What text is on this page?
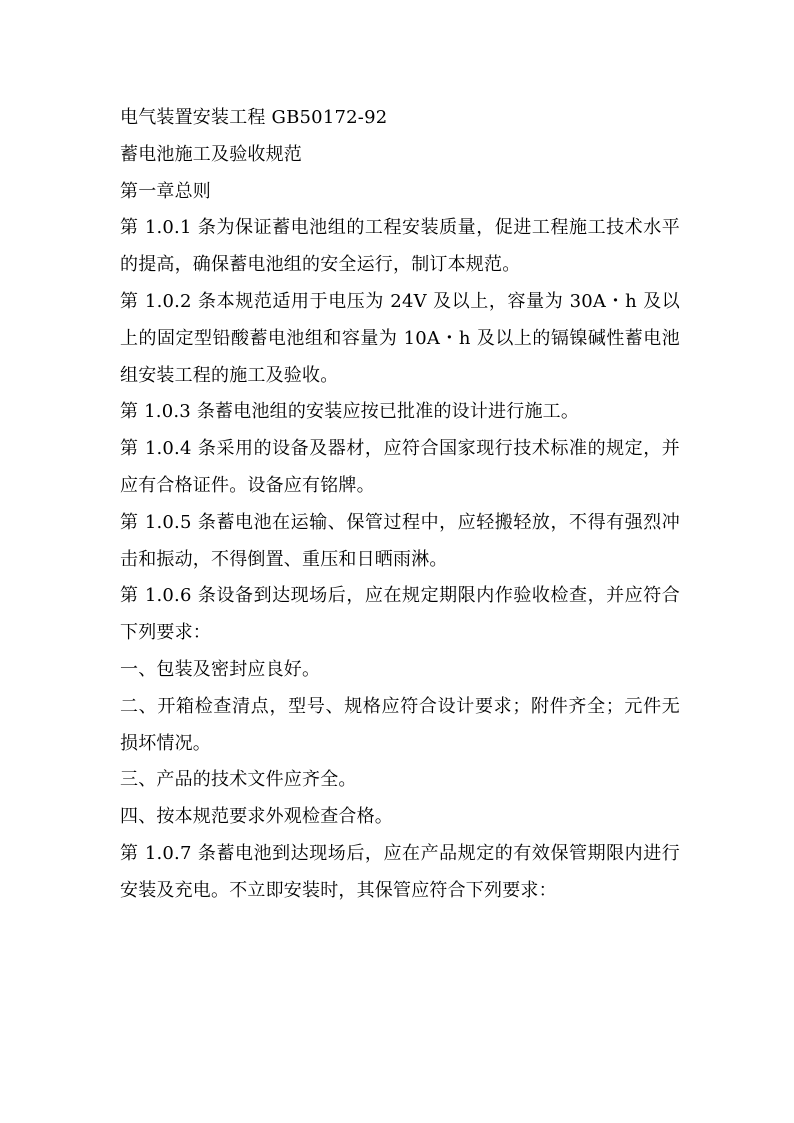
电气装置安装工程 GB50172-92

蓄电池施工及验收规范

第一章总则

第 1.0.1 条为保证蓄电池组的工程安装质量，促进工程施工技术水平的提高，确保蓄电池组的安全运行，制订本规范。

第 1.0.2 条本规范适用于电压为 24V 及以上，容量为 30A・h 及以上的固定型铅酸蓄电池组和容量为 10A・h 及以上的镉镍碱性蓄电池组安装工程的施工及验收。

第 1.0.3 条蓄电池组的安装应按已批准的设计进行施工。

第 1.0.4 条采用的设备及器材，应符合国家现行技术标准的规定，并应有合格证件。设备应有铭牌。

第 1.0.5 条蓄电池在运输、保管过程中，应轻搬轻放，不得有强烈冲击和振动，不得倒置、重压和日晒雨淋。

第 1.0.6 条设备到达现场后，应在规定期限内作验收检查，并应符合下列要求：

一、包装及密封应良好。

二、开箱检查清点，型号、规格应符合设计要求；附件齐全；元件无损坏情况。

三、产品的技术文件应齐全。

四、按本规范要求外观检查合格。

第 1.0.7 条蓄电池到达现场后，应在产品规定的有效保管期限内进行安装及充电。不立即安装时，其保管应符合下列要求：
